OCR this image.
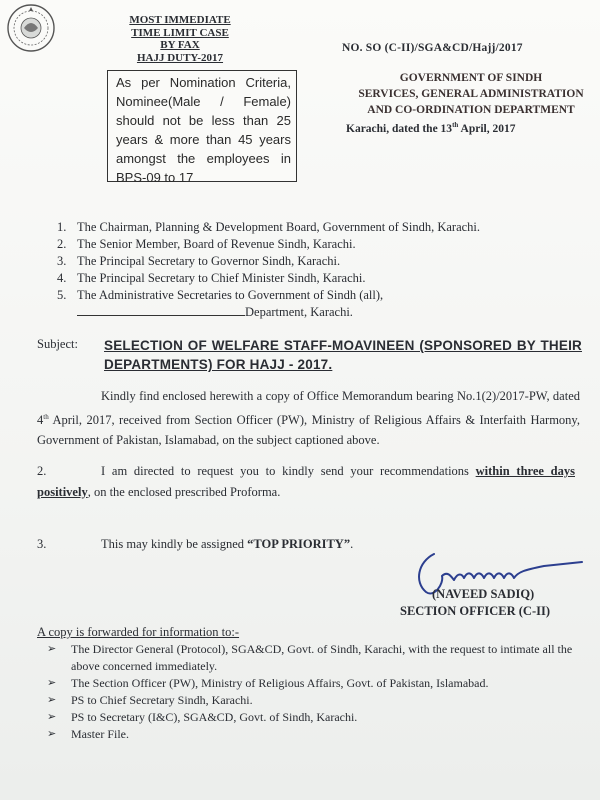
MOST IMMEDIATE
TIME LIMIT CASE
BY FAX
HAJJ DUTY-2017
As per Nomination Criteria, Nominee(Male / Female) should not be less than 25 years & more than 45 years amongst the employees in BPS-09 to 17
NO. SO (C-II)/SGA&CD/Hajj/2017
GOVERNMENT OF SINDH
SERVICES, GENERAL ADMINISTRATION
AND CO-ORDINATION DEPARTMENT
Karachi, dated the 13th April, 2017
1. The Chairman, Planning & Development Board, Government of Sindh, Karachi.
2. The Senior Member, Board of Revenue Sindh, Karachi.
3. The Principal Secretary to Governor Sindh, Karachi.
4. The Principal Secretary to Chief Minister Sindh, Karachi.
5. The Administrative Secretaries to Government of Sindh (all),
Department, Karachi.
Subject: SELECTION OF WELFARE STAFF-MOAVINEEN (SPONSORED BY THEIR DEPARTMENTS) FOR HAJJ - 2017.
Kindly find enclosed herewith a copy of Office Memorandum bearing No.1(2)/2017-PW, dated 4th April, 2017, received from Section Officer (PW), Ministry of Religious Affairs & Interfaith Harmony, Government of Pakistan, Islamabad, on the subject captioned above.
2.	I am directed to request you to kindly send your recommendations within three days positively, on the enclosed prescribed Proforma.
3.	This may kindly be assigned “TOP PRIORITY”.
(NAVEED SADIQ)
SECTION OFFICER (C-II)
A copy is forwarded for information to:-
➢	The Director General (Protocol), SGA&CD, Govt. of Sindh, Karachi, with the request to intimate all the above concerned immediately.
➢	The Section Officer (PW), Ministry of Religious Affairs, Govt. of Pakistan, Islamabad.
➢	PS to Chief Secretary Sindh, Karachi.
➢	PS to Secretary (I&C), SGA&CD, Govt. of Sindh, Karachi.
➢	Master File.
